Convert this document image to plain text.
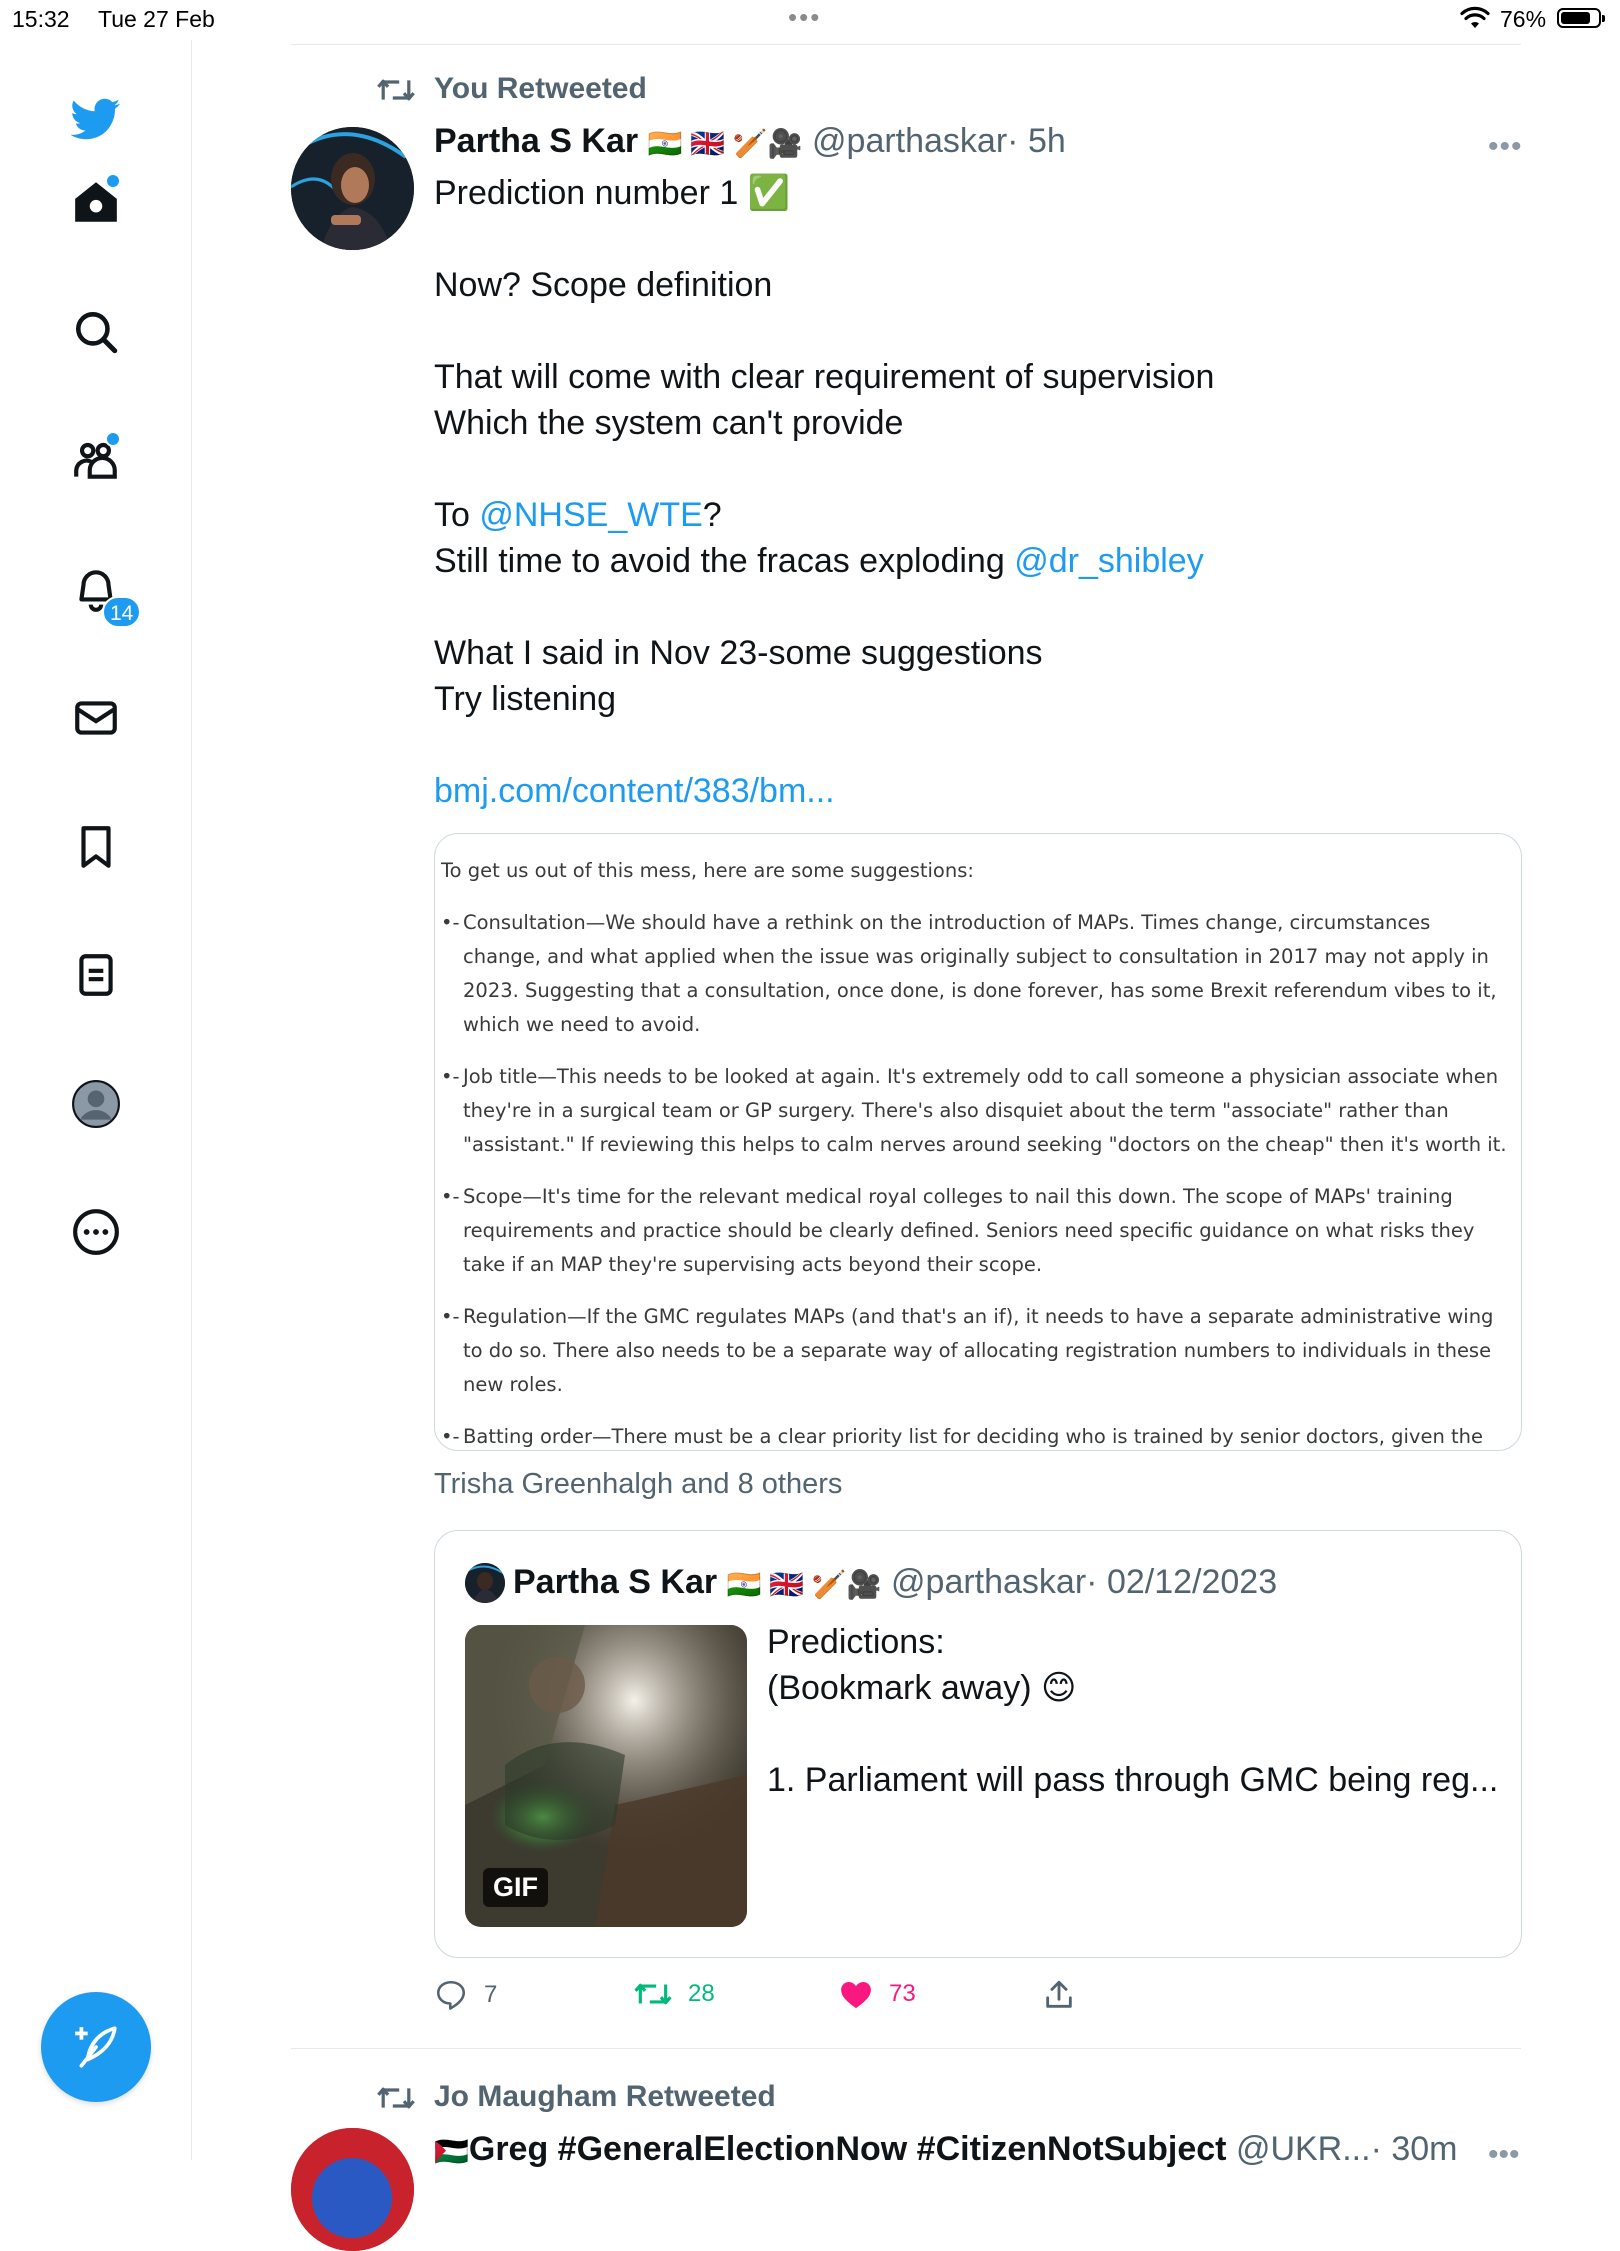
15:32 Tue 27 Feb	•••	76%
14
You Retweeted
Partha S Kar 🇮🇳 🇬🇧 🏏🎥 @parthaskar· 5h	•••
Prediction number 1 ✅
Now? Scope definition
That will come with clear requirement of supervision
Which the system can't provide
To @NHSE_WTE?
Still time to avoid the fracas exploding @dr_shibley
What I said in Nov 23-some suggestions
Try listening
bmj.com/content/383/bm...
To get us out of this mess, here are some suggestions:
•- Consultation—We should have a rethink on the introduction of MAPs. Times change, circumstances change, and what applied when the issue was originally subject to consultation in 2017 may not apply in 2023. Suggesting that a consultation, once done, is done forever, has some Brexit referendum vibes to it, which we need to avoid.
•- Job title—This needs to be looked at again. It's extremely odd to call someone a physician associate when they're in a surgical team or GP surgery. There's also disquiet about the term "associate" rather than "assistant." If reviewing this helps to calm nerves around seeking "doctors on the cheap" then it's worth it.
•- Scope—It's time for the relevant medical royal colleges to nail this down. The scope of MAPs' training requirements and practice should be clearly defined. Seniors need specific guidance on what risks they take if an MAP they're supervising acts beyond their scope.
•- Regulation—If the GMC regulates MAPs (and that's an if), it needs to have a separate administrative wing to do so. There also needs to be a separate way of allocating registration numbers to individuals in these new roles.
•- Batting order—There must be a clear priority list for deciding who is trained by senior doctors, given the
Trisha Greenhalgh and 8 others
Partha S Kar 🇮🇳 🇬🇧 🏏🎥 @parthaskar· 02/12/2023
GIF
Predictions:
(Bookmark away) 😊
1. Parliament will pass through GMC being reg...
7	28	73
Jo Maugham Retweeted
🇵🇸Greg #GeneralElectionNow #CitizenNotSubject @UKR...· 30m •••
